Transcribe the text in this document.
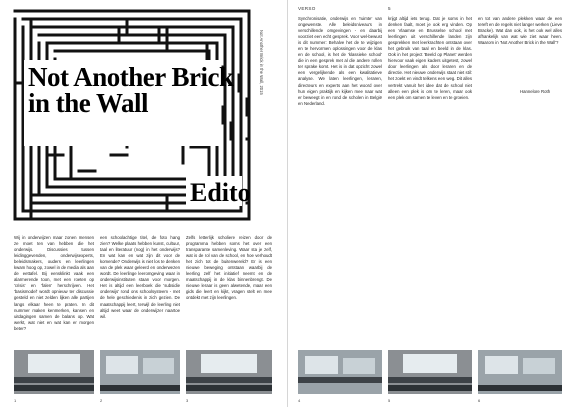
Not Another Brick
in the Wall
Edito
Not Another Brick in the Wall, 2015

Wij in onderwijzen maar zonen mensen ze moet ten van hebben die het onderwijs. Discussies tussen leidinggevenden, onderwijsexperts, beleidsmakers, ouders en leerlingen kwam hoog op, zowel in de media als aan de eettafel. Bij eensklinkt vaak een alarmerende toon, met een roeten op 'crisis' en 'falen' herschrijven. Het 'basismodel' wordt opnieuw ter discussie gesteld en niet zelden lijken alle partijen langs elkaar heen te praten. In dit nummer maken kenmerken, kansen en uitdagingen samen de balans op. Wat werkt, wat niet en wat kan er morgen beter?

een schoolachtige titel, de foto hang zien? Welke plaats hebben kunst, cultuur, taal en literatuur (nog) in het onderwijs? En wat kan en wat zijn dit voor de komende? Onderwijs is niet los te denken van de plek waar geleerd en onderwezen wordt. De leerlinge leeromgeving waar in onderwijsinstituten staan voor morgen. Het is altijd een leerboek die 'subsidie onderwijs' rond ons schoolsysteem - met de hele geschiedenis in zich gezien. De maatschappij leert, terwijl de leerling niet altijd weet waar de onderwijzer naartoe wil.

Zelfs letterlijk scholiere reizen door de programma hebben soms het over een transparante samenleving. Waar sta je zelf, wat is de rol van de school, en hoe verhoudt het zich tot de buitenwereld? Er is een nieuwe beweging ontstaan waarbij de leerling zelf het initiatief neemt en de maatschappij in de klas binnenbrengt. De nieuwe leraar is geen alwetende, maar een gids die leert en kijkt, vragen stelt en mee ontdekt met zijn leerlingen.

1	2	3
VERSO	5

Synchronisatie, onderwijs en 'ruimte' van ongewenste. Alle beleidsniveau's in verschillende omgevingen - en daarbij voorziet een echt gesprek. Voor wel-bewust is dit nummer: Behalve het de te wijzigen en te hervormen oplossingen voor de klas en de school, is het de 'klassieke school' die in een gesprek met al die andere rollen ter sprake komt. Het is in dat opzicht zowel een vergelijkende als een kwalitatieve analyse. We laten leerlingen, leraren, directeurs en experts aan het woord over hun eigen praktijk en kijken mee naar wat er beweegt in en rond de scholen in België en Nederland.

krijgt altijd iets terug. Dat je soms in het denken faalt, moet je ook erg vinden. Op een Vlaamse en Brusselse school met leerlingen uit verschillende landen zijn gesprekken met leerkrachten ontstaan over het gebruik van taal en beeld in de klas. Ook in het project 'Beeld op Planet' werden hiervoor vaak eigen kaders uitgetest, zowel door leerlingen als door leraren en de directie. Het nieuwe onderwijs staat niet stil: het zoekt en vindt telkens een weg. Dit alles vertrekt vanuit het idee dat de school niet alleen een plek is om te leren, maar ook een plek om samen te leven en te groeien.

en tot van andere plekken waar de een tereft en de regels niet langer werken (Lieve Bracke). Wat dan ook, is het ook wel alles afhankelijk van wat wie ziet waar heen. Waarom in 'Not Another Brick in the Wall'?

Hannelore Roth
4	5	6
